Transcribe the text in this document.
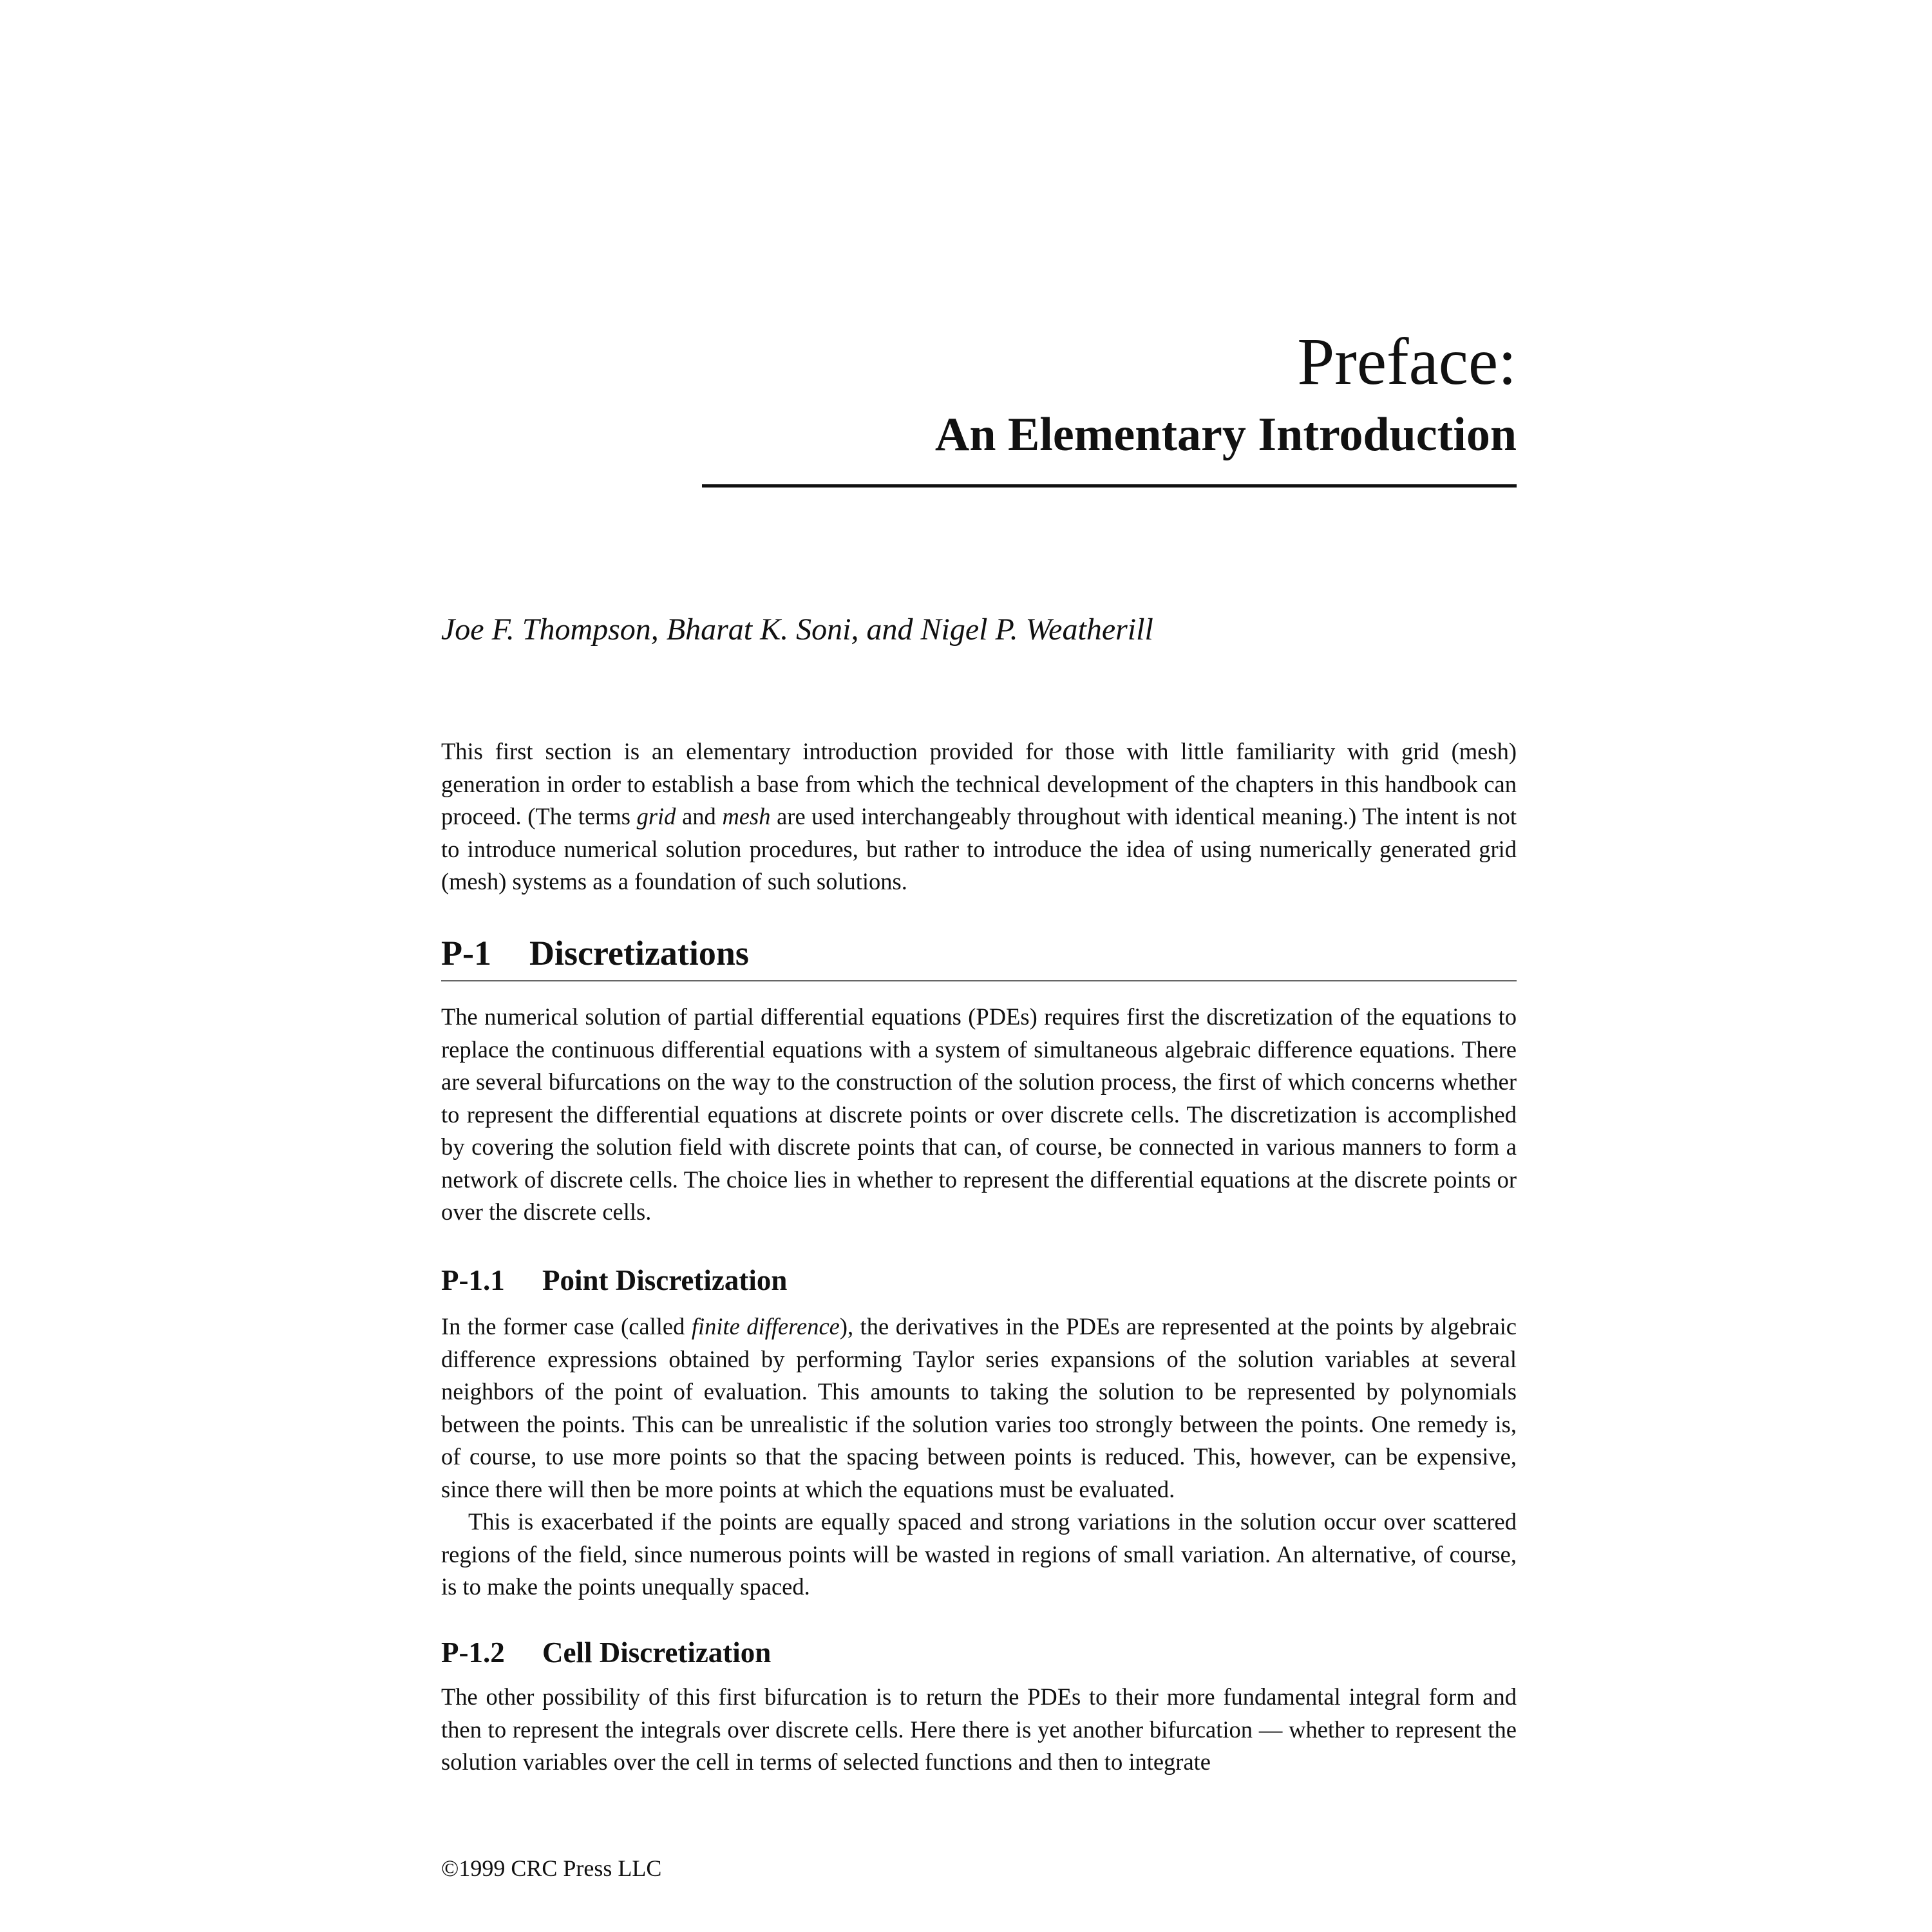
Preface:
An Elementary Introduction

Joe F. Thompson, Bharat K. Soni, and Nigel P. Weatherill

This first section is an elementary introduction provided for those with little familiarity with grid (mesh) generation in order to establish a base from which the technical development of the chapters in this handbook can proceed. (The terms grid and mesh are used interchangeably throughout with identical meaning.) The intent is not to introduce numerical solution procedures, but rather to introduce the idea of using numerically generated grid (mesh) systems as a foundation of such solutions.

P-1 Discretizations

The numerical solution of partial differential equations (PDEs) requires first the discretization of the equations to replace the continuous differential equations with a system of simultaneous algebraic difference equations. There are several bifurcations on the way to the construction of the solution process, the first of which concerns whether to represent the differential equations at discrete points or over discrete cells. The discretization is accomplished by covering the solution field with discrete points that can, of course, be connected in various manners to form a network of discrete cells. The choice lies in whether to represent the differential equations at the discrete points or over the discrete cells.

P-1.1 Point Discretization

In the former case (called finite difference), the derivatives in the PDEs are represented at the points by algebraic difference expressions obtained by performing Taylor series expansions of the solution variables at several neighbors of the point of evaluation. This amounts to taking the solution to be represented by polynomials between the points. This can be unrealistic if the solution varies too strongly between the points. One remedy is, of course, to use more points so that the spacing between points is reduced. This, however, can be expensive, since there will then be more points at which the equations must be evaluated.

This is exacerbated if the points are equally spaced and strong variations in the solution occur over scattered regions of the field, since numerous points will be wasted in regions of small variation. An alternative, of course, is to make the points unequally spaced.

P-1.2 Cell Discretization

The other possibility of this first bifurcation is to return the PDEs to their more fundamental integral form and then to represent the integrals over discrete cells. Here there is yet another bifurcation — whether to represent the solution variables over the cell in terms of selected functions and then to integrate

©1999 CRC Press LLC
